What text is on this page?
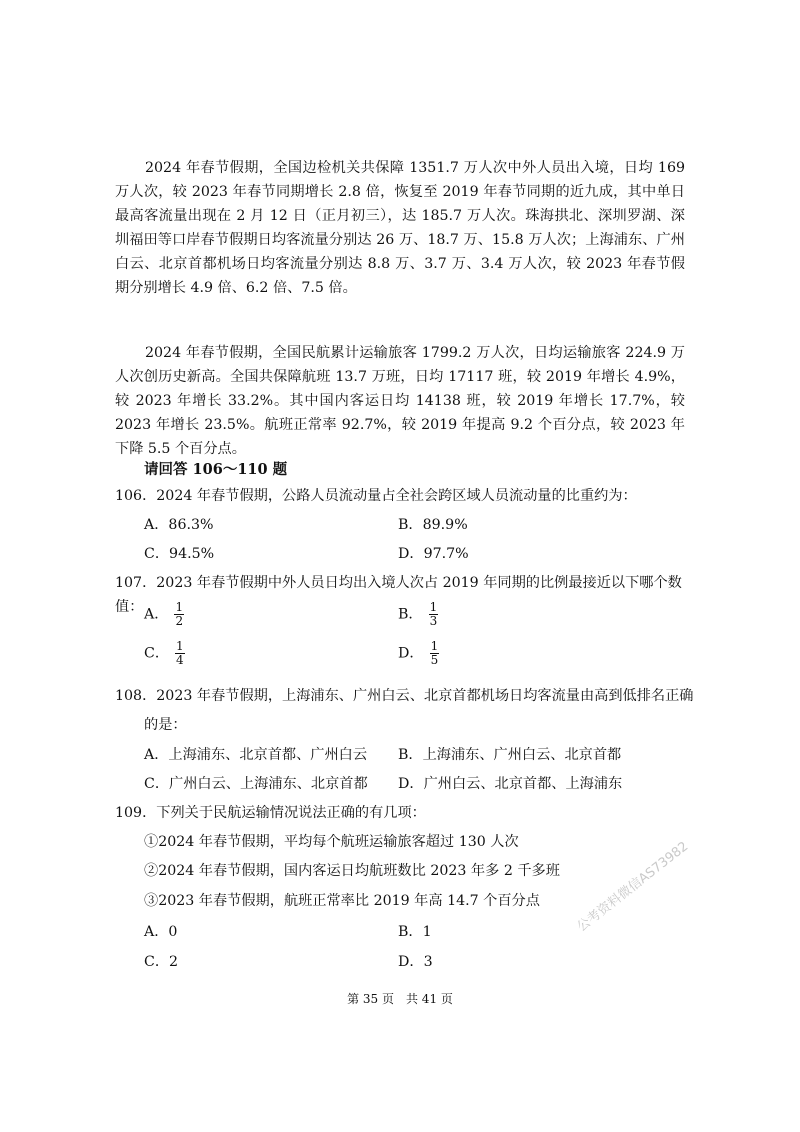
2024 年春节假期，全国边检机关共保障 1351.7 万人次中外人员出入境，日均 169 万人次，较 2023 年春节同期增长 2.8 倍，恢复至 2019 年春节同期的近九成，其中单日最高客流量出现在 2 月 12 日（正月初三），达 185.7 万人次。珠海拱北、深圳罗湖、深圳福田等口岸春节假期日均客流量分别达 26 万、18.7 万、15.8 万人次；上海浦东、广州白云、北京首都机场日均客流量分别达 8.8 万、3.7 万、3.4 万人次，较 2023 年春节假期分别增长 4.9 倍、6.2 倍、7.5 倍。

2024 年春节假期，全国民航累计运输旅客 1799.2 万人次，日均运输旅客 224.9 万人次创历史新高。全国共保障航班 13.7 万班，日均 17117 班，较 2019 年增长 4.9%，较 2023 年增长 33.2%。其中国内客运日均 14138 班，较 2019 年增长 17.7%，较 2023 年增长 23.5%。航班正常率 92.7%，较 2019 年提高 9.2 个百分点，较 2023 年下降 5.5 个百分点。

请回答 106～110 题
106．2024 年春节假期，公路人员流动量占全社会跨区域人员流动量的比重约为：
A．86.3%	B．89.9%
C．94.5%	D．97.7%
107．2023 年春节假期中外人员日均出入境人次占 2019 年同期的比例最接近以下哪个数值： A． $\frac{1}{2}$	B． $\frac{1}{3}$
C． $\frac{1}{4}$	D． $\frac{1}{5}$
108．2023 年春节假期，上海浦东、广州白云、北京首都机场日均客流量由高到低排名正确
的是：
A．上海浦东、北京首都、广州白云 B．上海浦东、广州白云、北京首都
C．广州白云、上海浦东、北京首都 D．广州白云、北京首都、上海浦东
109．下列关于民航运输情况说法正确的有几项：
①2024 年春节假期，平均每个航班运输旅客超过 130 人次
②2024 年春节假期，国内客运日均航班数比 2023 年多 2 千多班
③2023 年春节假期，航班正常率比 2019 年高 14.7 个百分点
A．0	B．1
C．2	D．3
公考资料微信AS73982
第 35 页　共 41 页
